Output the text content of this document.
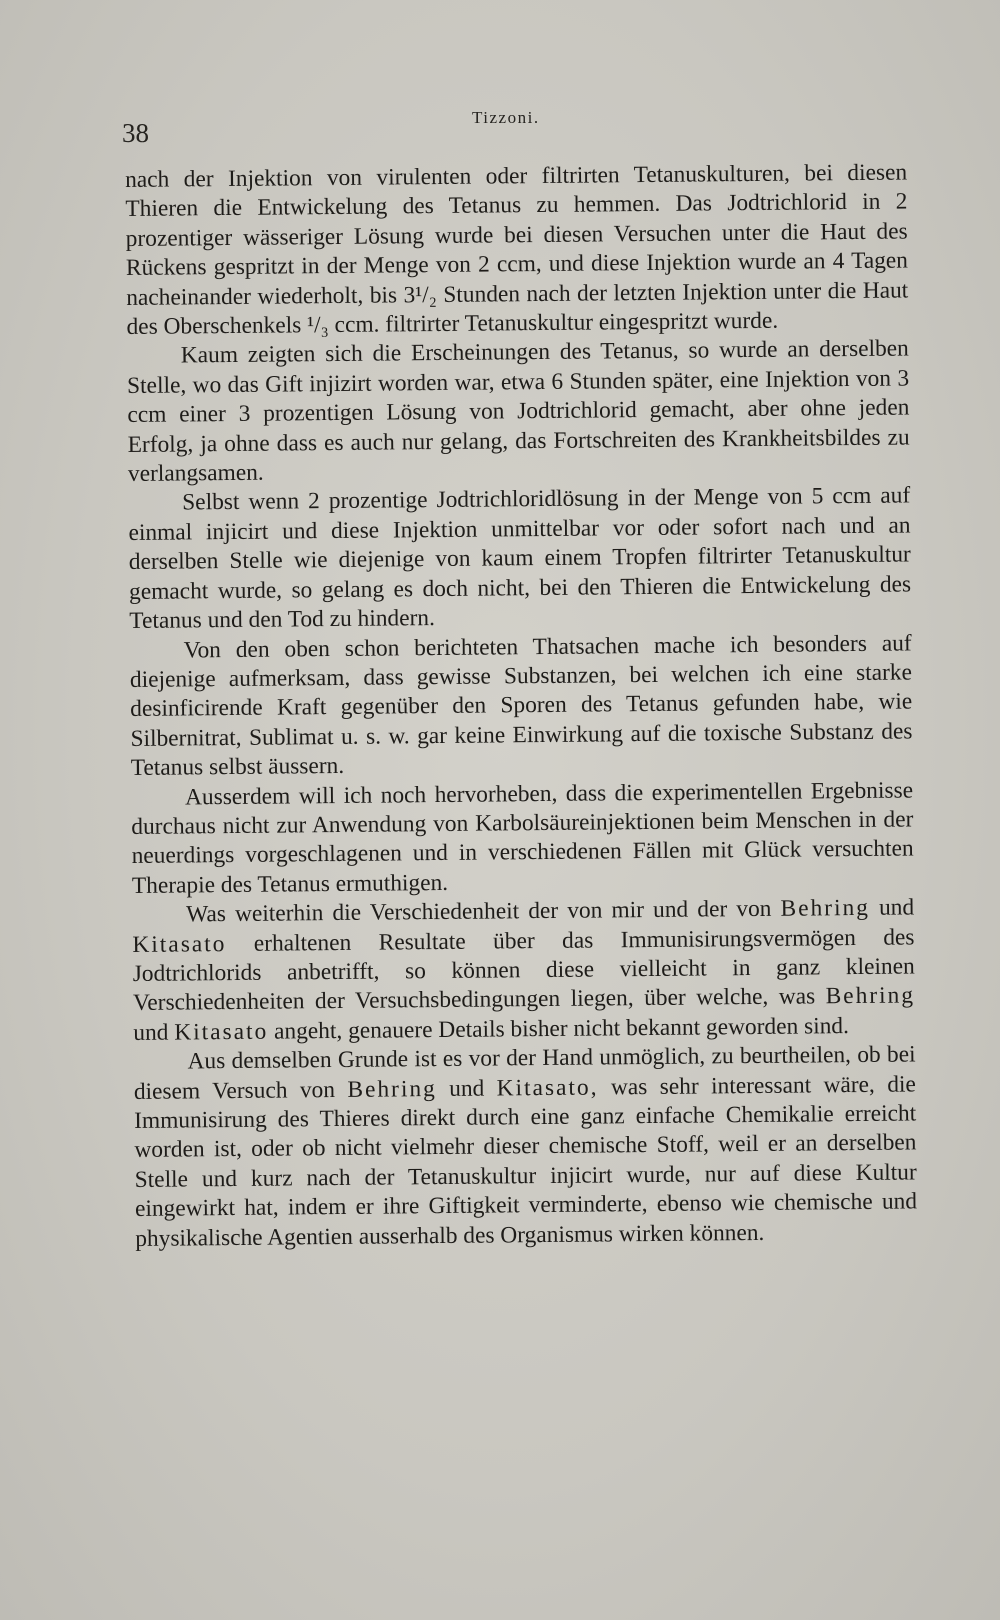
38
Tizzoni.

nach der Injektion von virulenten oder filtrirten Tetanuskulturen, bei diesen Thieren die Entwickelung des Tetanus zu hemmen. Das Jodtrichlorid in 2 prozentiger wässeriger Lösung wurde bei diesen Versuchen unter die Haut des Rückens gespritzt in der Menge von 2 ccm, und diese Injektion wurde an 4 Tagen nacheinander wiederholt, bis 3¹/₂ Stunden nach der letzten Injektion unter die Haut des Oberschenkels ¹/₃ ccm. filtrirter Tetanuskultur eingespritzt wurde.

Kaum zeigten sich die Erscheinungen des Tetanus, so wurde an derselben Stelle, wo das Gift injizirt worden war, etwa 6 Stunden später, eine Injektion von 3 ccm einer 3 prozentigen Lösung von Jodtrichlorid gemacht, aber ohne jeden Erfolg, ja ohne dass es auch nur gelang, das Fortschreiten des Krankheitsbildes zu verlangsamen.

Selbst wenn 2 prozentige Jodtrichloridlösung in der Menge von 5 ccm auf einmal injicirt und diese Injektion unmittelbar vor oder sofort nach und an derselben Stelle wie diejenige von kaum einem Tropfen filtrirter Tetanuskultur gemacht wurde, so gelang es doch nicht, bei den Thieren die Entwickelung des Tetanus und den Tod zu hindern.

Von den oben schon berichteten Thatsachen mache ich besonders auf diejenige aufmerksam, dass gewisse Substanzen, bei welchen ich eine starke desinficirende Kraft gegenüber den Sporen des Tetanus gefunden habe, wie Silbernitrat, Sublimat u. s. w. gar keine Einwirkung auf die toxische Substanz des Tetanus selbst äussern.

Ausserdem will ich noch hervorheben, dass die experimentellen Ergebnisse durchaus nicht zur Anwendung von Karbolsäureinjektionen beim Menschen in der neuerdings vorgeschlagenen und in verschiedenen Fällen mit Glück versuchten Therapie des Tetanus ermuthigen.

Was weiterhin die Verschiedenheit der von mir und der von Behring und Kitasato erhaltenen Resultate über das Immunisirungsvermögen des Jodtrichlorids anbetrifft, so können diese vielleicht in ganz kleinen Verschiedenheiten der Versuchsbedingungen liegen, über welche, was Behring und Kitasato angeht, genauere Details bisher nicht bekannt geworden sind.

Aus demselben Grunde ist es vor der Hand unmöglich, zu beurtheilen, ob bei diesem Versuch von Behring und Kitasato, was sehr interessant wäre, die Immunisirung des Thieres direkt durch eine ganz einfache Chemikalie erreicht worden ist, oder ob nicht vielmehr dieser chemische Stoff, weil er an derselben Stelle und kurz nach der Tetanuskultur injicirt wurde, nur auf diese Kultur eingewirkt hat, indem er ihre Giftigkeit verminderte, ebenso wie chemische und physikalische Agentien ausserhalb des Organismus wirken können.
